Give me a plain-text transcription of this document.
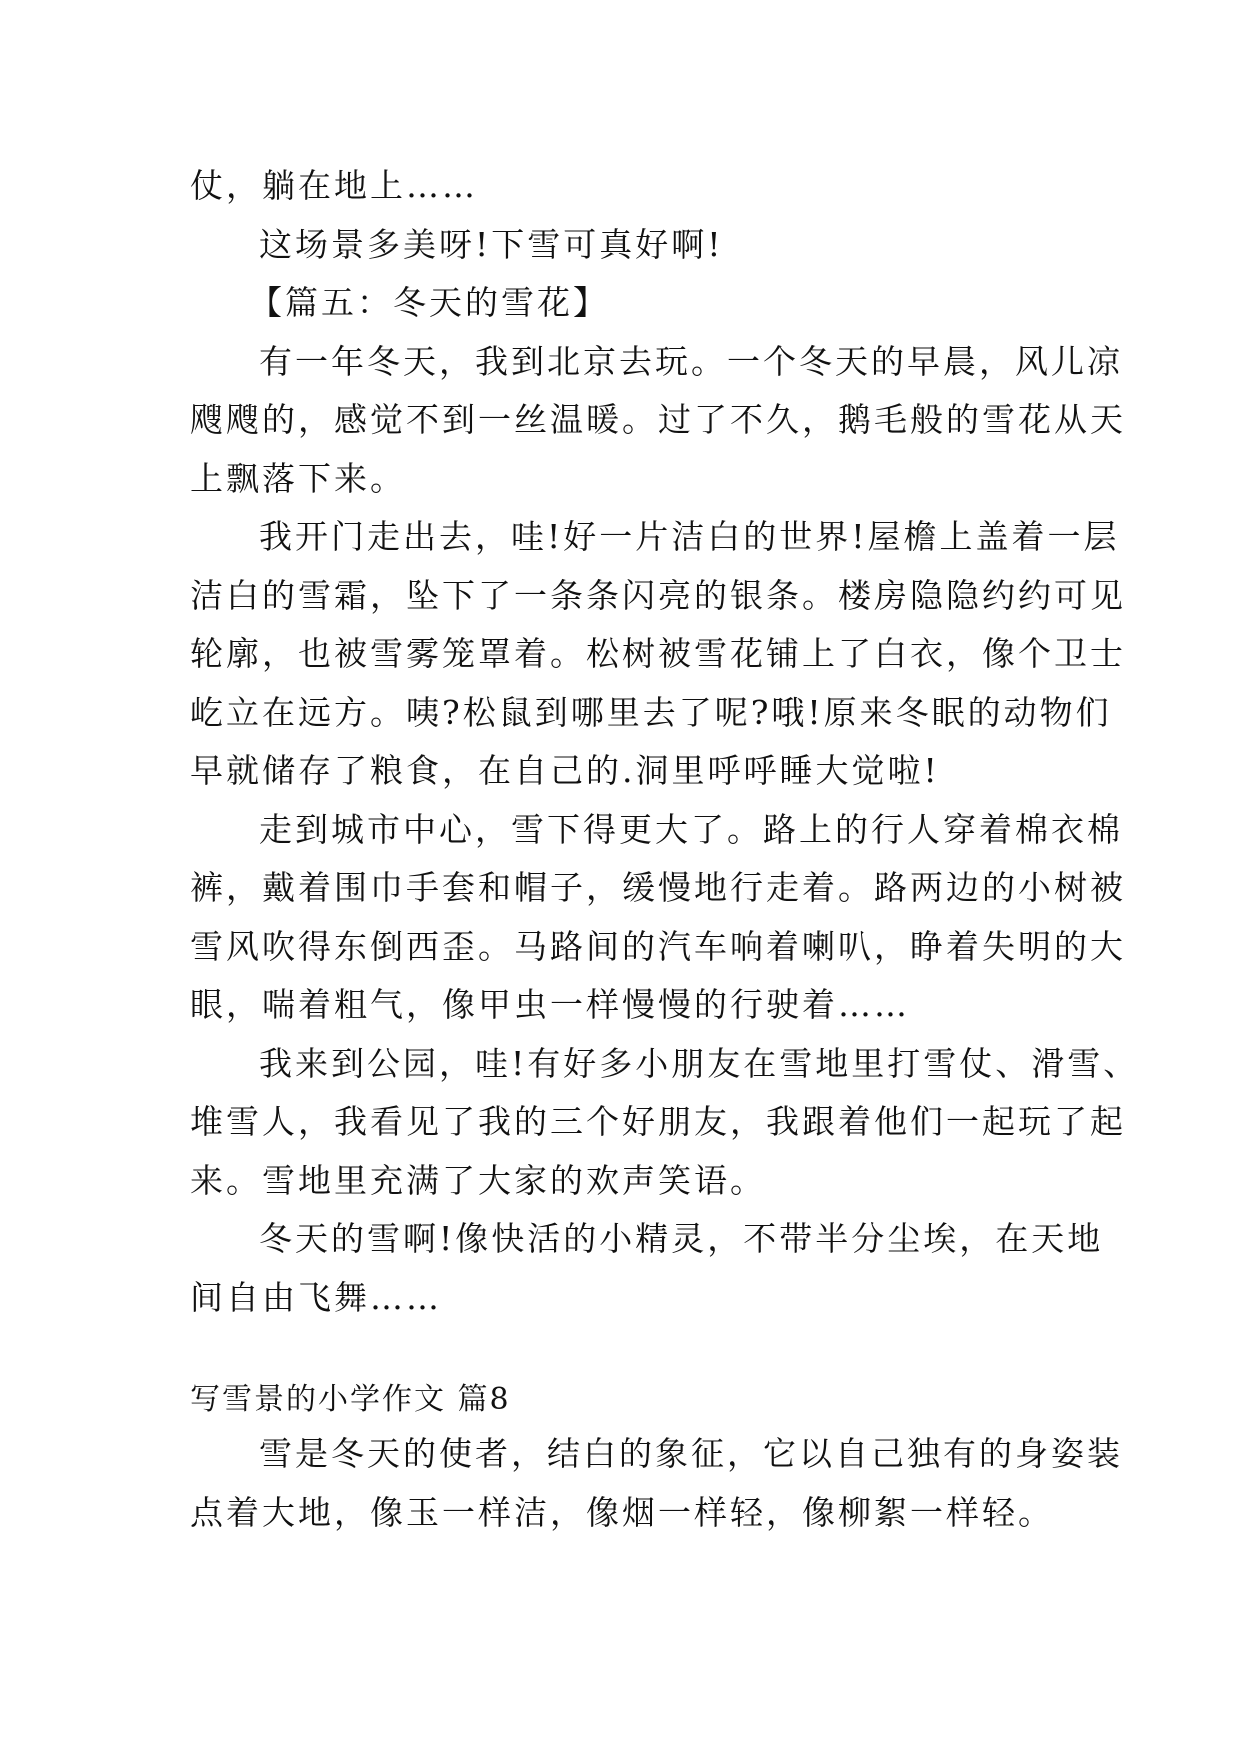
仗，躺在地上……

这场景多美呀!下雪可真好啊!

【篇五：冬天的雪花】

有一年冬天，我到北京去玩。一个冬天的早晨，风儿凉
飕飕的，感觉不到一丝温暖。过了不久，鹅毛般的雪花从天
上飘落下来。

我开门走出去，哇!好一片洁白的世界!屋檐上盖着一层
洁白的雪霜，坠下了一条条闪亮的银条。楼房隐隐约约可见
轮廓，也被雪雾笼罩着。松树被雪花铺上了白衣，像个卫士
屹立在远方。咦?松鼠到哪里去了呢?哦!原来冬眠的动物们
早就储存了粮食，在自己的.洞里呼呼睡大觉啦!

走到城市中心，雪下得更大了。路上的行人穿着棉衣棉
裤，戴着围巾手套和帽子，缓慢地行走着。路两边的小树被
雪风吹得东倒西歪。马路间的汽车响着喇叭，睁着失明的大
眼，喘着粗气，像甲虫一样慢慢的行驶着……

我来到公园，哇!有好多小朋友在雪地里打雪仗、滑雪、
堆雪人，我看见了我的三个好朋友，我跟着他们一起玩了起
来。雪地里充满了大家的欢声笑语。

冬天的雪啊!像快活的小精灵，不带半分尘埃，在天地
间自由飞舞……

写雪景的小学作文 篇8

雪是冬天的使者，结白的象征，它以自己独有的身姿装
点着大地，像玉一样洁，像烟一样轻，像柳絮一样轻。
